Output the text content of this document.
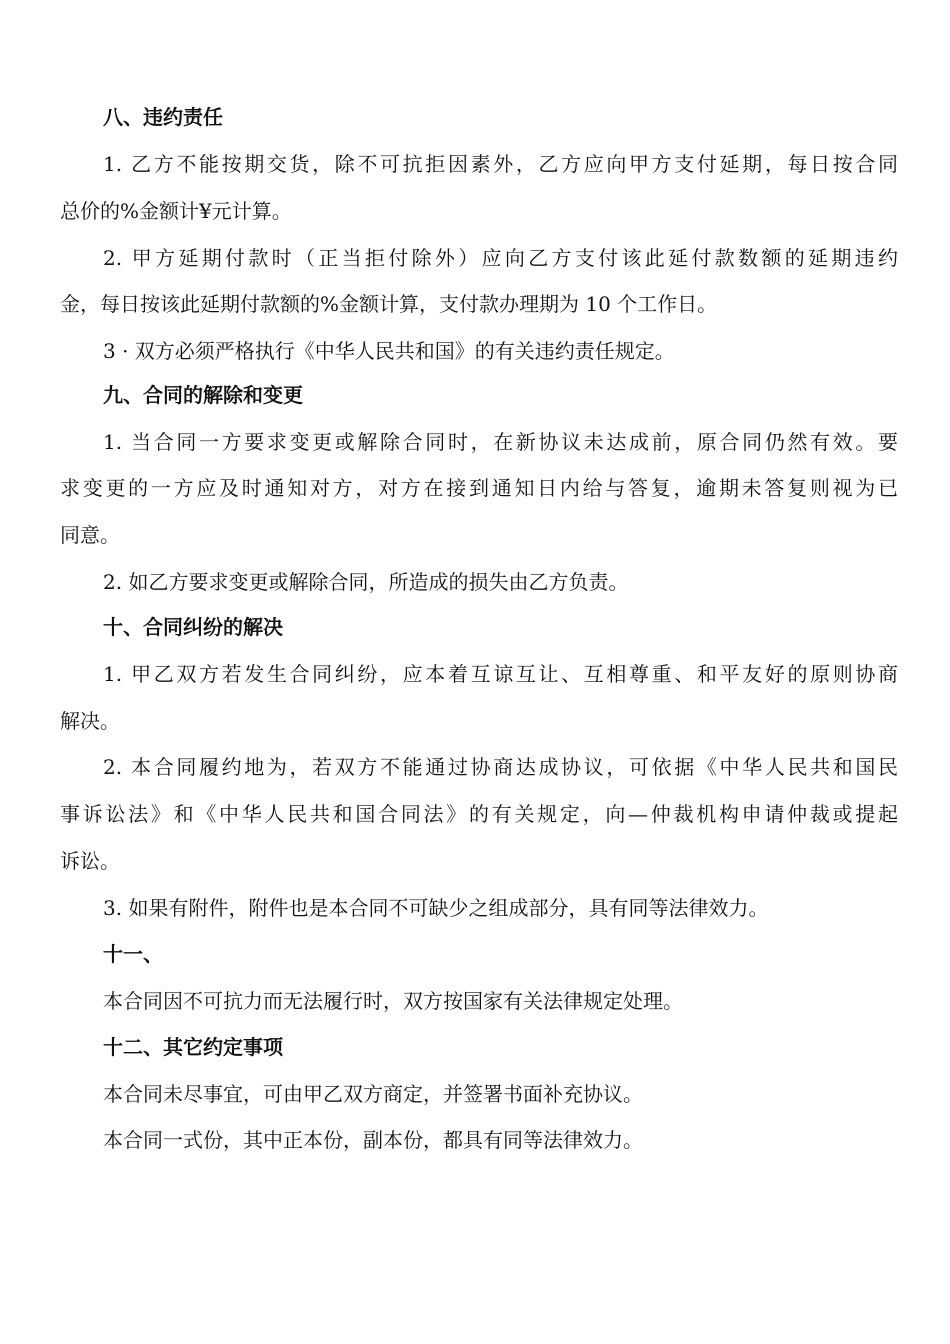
八、违约责任
1. 乙方不能按期交货，除不可抗拒因素外，乙方应向甲方支付延期，每日按合同
总价的%金额计¥元计算。
2. 甲方延期付款时（正当拒付除外）应向乙方支付该此延付款数额的延期违约
金，每日按该此延期付款额的%金额计算，支付款办理期为 10 个工作日。
3 · 双方必须严格执行《中华人民共和国》的有关违约责任规定。
九、合同的解除和变更
1. 当合同一方要求变更或解除合同时，在新协议未达成前，原合同仍然有效。要
求变更的一方应及时通知对方，对方在接到通知日内给与答复，逾期未答复则视为已
同意。
2. 如乙方要求变更或解除合同，所造成的损失由乙方负责。
十、合同纠纷的解决
1. 甲乙双方若发生合同纠纷，应本着互谅互让、互相尊重、和平友好的原则协商
解决。
2. 本合同履约地为，若双方不能通过协商达成协议，可依据《中华人民共和国民
事诉讼法》和《中华人民共和国合同法》的有关规定，向—仲裁机构申请仲裁或提起
诉讼。
3. 如果有附件，附件也是本合同不可缺少之组成部分，具有同等法律效力。
十一、
本合同因不可抗力而无法履行时，双方按国家有关法律规定处理。
十二、其它约定事项
本合同未尽事宜，可由甲乙双方商定，并签署书面补充协议。
本合同一式份，其中正本份，副本份，都具有同等法律效力。
